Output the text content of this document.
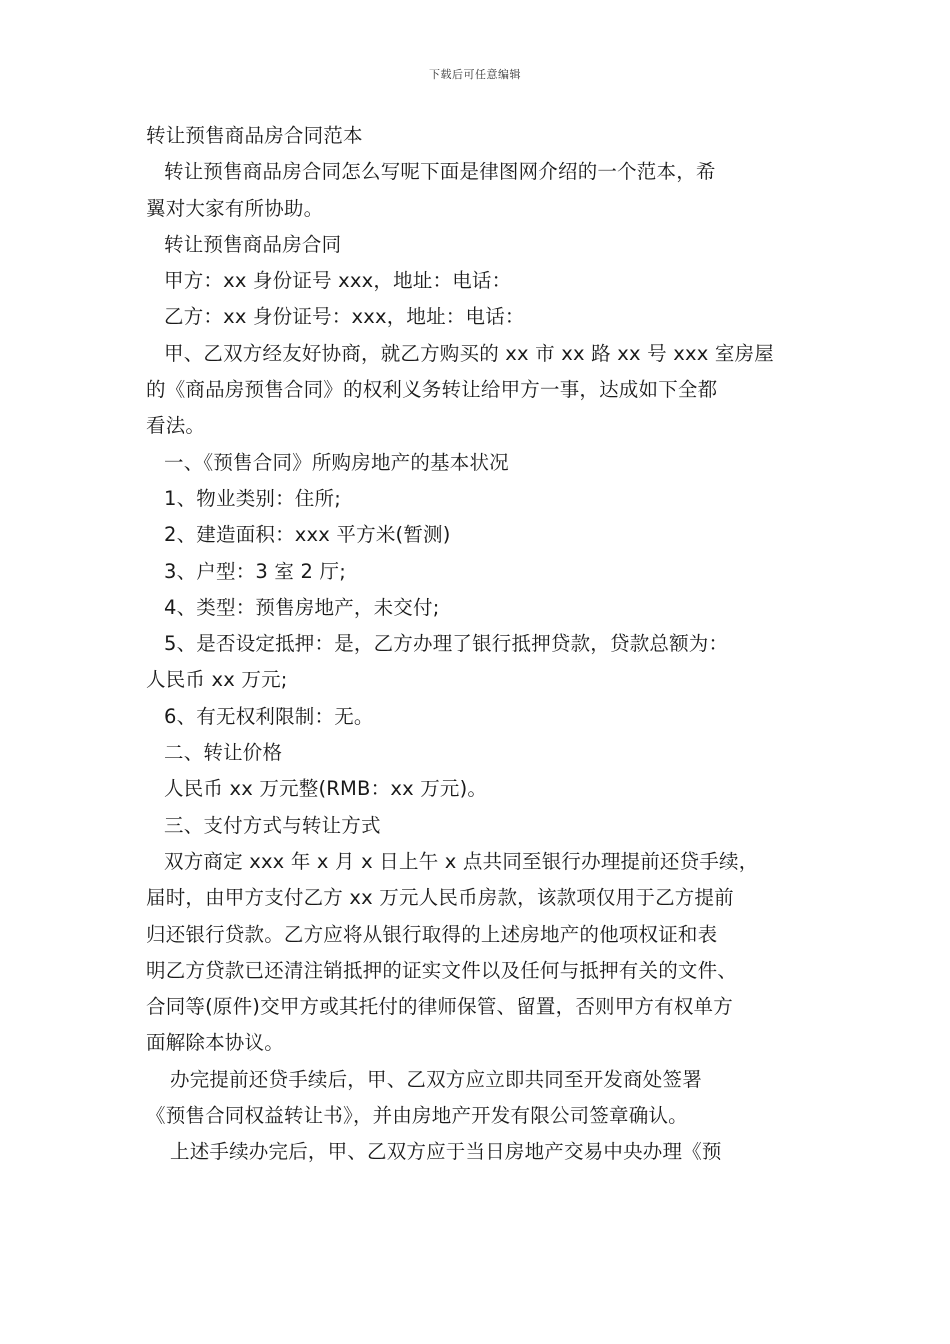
下载后可任意编辑
转让预售商品房合同范本
转让预售商品房合同怎么写呢下面是律图网介绍的一个范本，希
翼对大家有所协助。
转让预售商品房合同
甲方：xx 身份证号 xxx，地址：电话：
乙方：xx 身份证号：xxx，地址：电话：
甲、乙双方经友好协商，就乙方购买的 xx 市 xx 路 xx 号 xxx 室房屋
的《商品房预售合同》的权利义务转让给甲方一事，达成如下全都
看法。
一、《预售合同》所购房地产的基本状况
1、物业类别：住所;
2、建造面积：xxx 平方米(暂测)
3、户型：3 室 2 厅;
4、类型：预售房地产，未交付;
5、是否设定抵押：是，乙方办理了银行抵押贷款，贷款总额为：
人民币 xx 万元;
6、有无权利限制：无。
二、转让价格
人民币 xx 万元整(RMB：xx 万元)。
三、支付方式与转让方式
双方商定 xxx 年 x 月 x 日上午 x 点共同至银行办理提前还贷手续，
届时，由甲方支付乙方 xx 万元人民币房款，该款项仅用于乙方提前
归还银行贷款。乙方应将从银行取得的上述房地产的他项权证和表
明乙方贷款已还清注销抵押的证实文件以及任何与抵押有关的文件、
合同等(原件)交甲方或其托付的律师保管、留置，否则甲方有权单方
面解除本协议。
办完提前还贷手续后，甲、乙双方应立即共同至开发商处签署
《预售合同权益转让书》，并由房地产开发有限公司签章确认。
上述手续办完后，甲、乙双方应于当日房地产交易中央办理《预
